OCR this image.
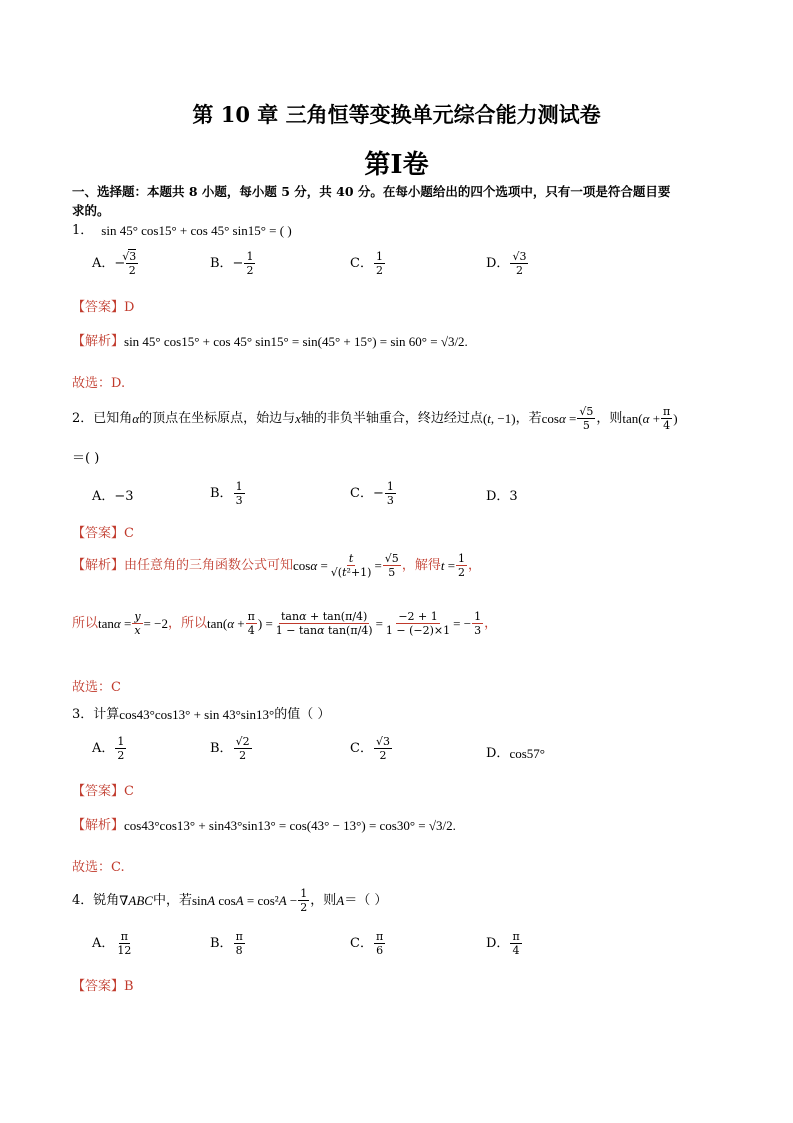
第 10 章 三角恒等变换单元综合能力测试卷
第Ⅰ卷
一、选择题：本题共 8 小题，每小题 5 分，共 40 分。在每小题给出的四个选项中，只有一项是符合题目要
求的。
1． sin 45° cos15° + cos 45° sin15° = ( )
A．− 3
√
2	B．− $\frac{1}{2}$	C． $\frac{1}{2}$	D． $\frac{√3}{2}$
【答案】D
【解析】sin 45° cos15° + cos 45° sin15° = sin(45° + 15°) = sin 60° = √3/2.
故选：D.
2．已知角α的顶点在坐标原点，始边与x轴的非负半轴重合，终边经过点(t, −1)，若$\cos\alpha = \frac{√5}{5}$ ，则$\tan(\alpha + \frac{\pi}{4}$ )
＝( )
A．−3	B． $\frac{1}{3}$	C．− $\frac{1}{3}$	D．3
【答案】C
【解析】由任意角的三角函数公式可知$\cos\alpha = \frac{t}{\text{√(t²+1)}} = \frac{√5}{5}$ ，解得$t = \frac{1}{2}$ ，
所以$\tan\alpha = \frac{y}{x} = -2$，所以$\tan(\alpha + \frac{\pi}{4}$ ) = $\frac{\tan\alpha + \tan(\pi/4)}{\text{1 − tanα tan(π/4)}} = \frac{-2 + 1}{1 - (-2)\times 1}$ = − $\frac{1}{3}$ ，
故选：C
3．计算cos43°cos13° + sin 43°sin13°的值（ ）
A． $\frac{1}{2}$	B． $\frac{√2}{2}$	C． $\frac{√3}{2}$	D．cos57°
【答案】C
【解析】cos43°cos13° + sin43°sin13° = cos(43° − 13°) = cos30° = √3/2.
故选：C.
4．锐角∇ABC中，若sinA $\cos A = \cos^2A - \frac{1}{2}$ ，则A＝（ ）
A． $\frac{\pi}{12}$	B． $\frac{\pi}{8}$	C． $\frac{\pi}{6}$	D． $\frac{\pi}{4}$
【答案】B
